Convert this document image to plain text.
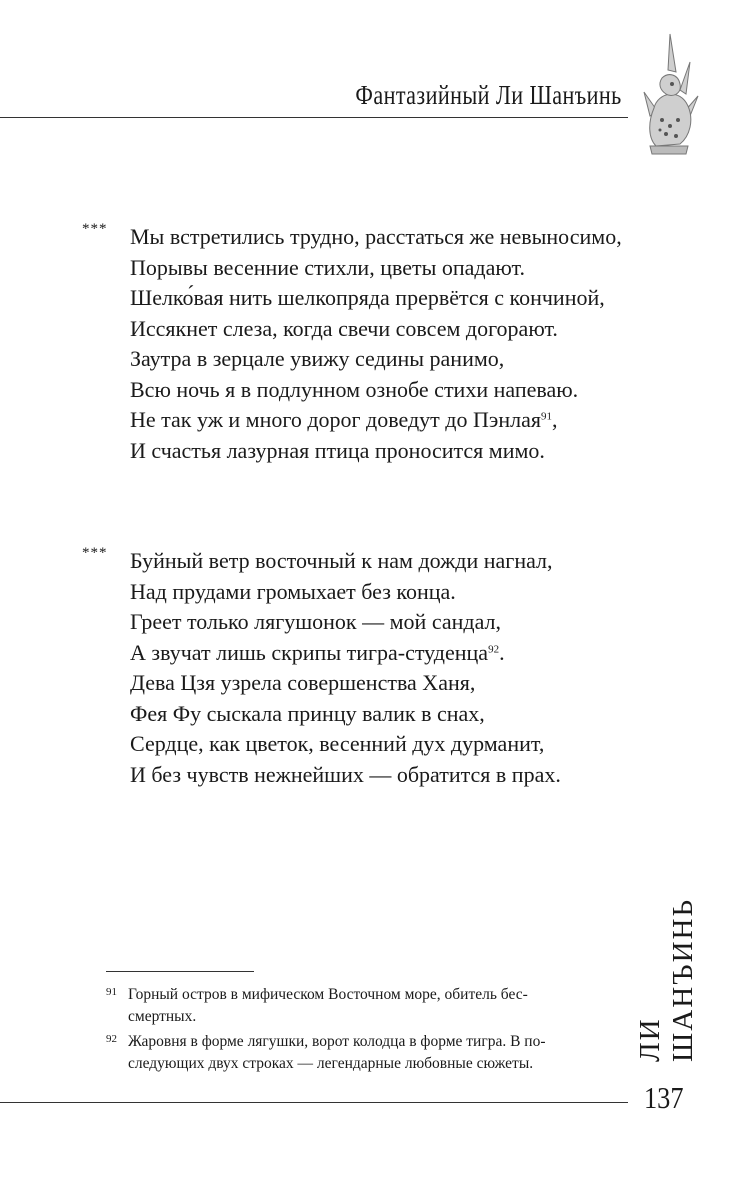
Фантазийный Ли Шанъинь
*** Мы встретились трудно, расстаться же невыносимо,
Порывы весенние стихли, цветы опадают.
Шелко́вая нить шелкопряда прервётся с кончиной,
Иссякнет слеза, когда свечи совсем догорают.
Заутра в зерцале увижу седины ранимо,
Всю ночь я в подлунном ознобе стихи напеваю.
Не так уж и много дорог доведут до Пэнлая$^{91}$,
И счастья лазурная птица проносится мимо.
*** Буйный ветр восточный к нам дожди нагнал,
Над прудами громыхает без конца.
Греет только лягушонок — мой сандал,
А звучат лишь скрипы тигра-студенца$^{92}$.
Дева Цзя узрела совершенства Ханя,
Фея Фу сыскала принцу валик в снах,
Сердце, как цветок, весенний дух дурманит,
И без чувств нежнейших — обратится в прах.
91 Горный остров в мифическом Восточном море, обитель бес-
смертных.
92 Жаровня в форме лягушки, ворот колодца в форме тигра. В по-
следующих двух строках — легендарные любовные сюжеты.
ЛИ ШАНЪИНЬ
137
